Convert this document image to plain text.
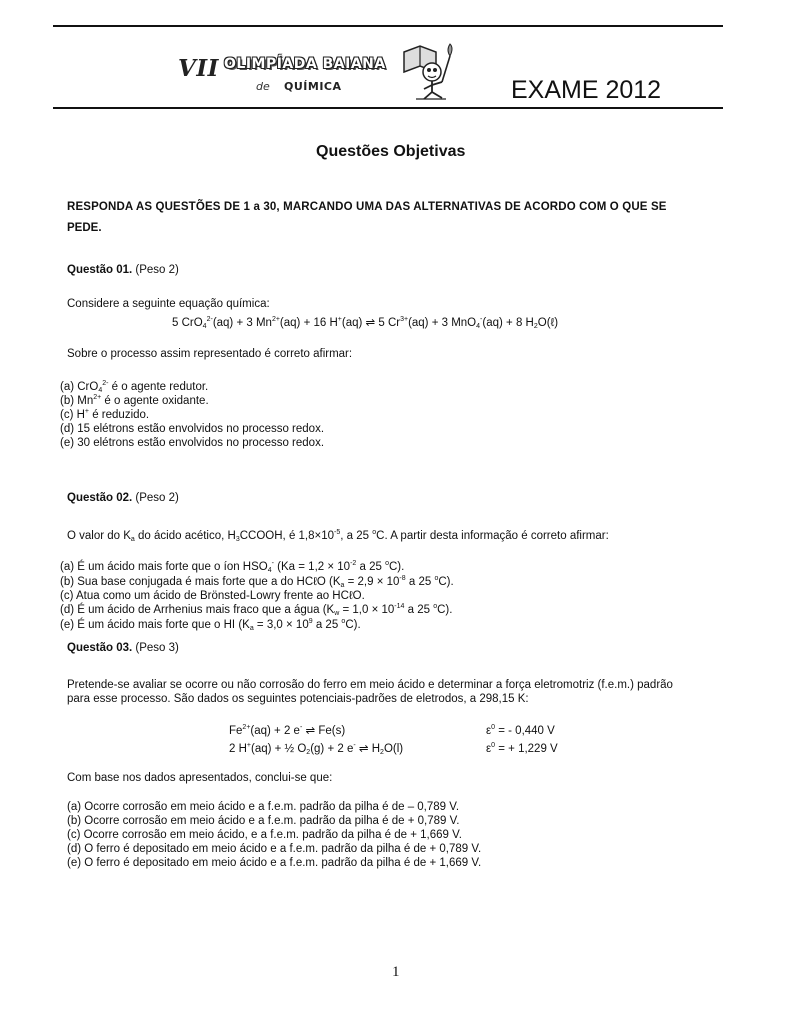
VII OLIMPÍADA BAIANA
de QUÍMICA	EXAME 2012
Questões Objetivas
RESPONDA AS QUESTÕES DE 1 a 30, MARCANDO UMA DAS ALTERNATIVAS DE ACORDO COM O QUE SE
PEDE.
Questão 01. (Peso 2)
Considere a seguinte equação química:
5 CrO$_4^{2-}$(aq) + 3 $Mn^{2+}(aq) + 16$ H+(aq) ⇌ 5 $Cr^{3+}(aq) + 3$ MnO$_4$-(aq) + 8 $H_2O(\ell)$
Sobre o processo assim representado é correto afirmar:
(a) CrO$_4^{2-}$ é o agente redutor.
(b) $Mn^{2+}$ é o agente oxidante.
(c) H+ é reduzido.
(d) 15 elétrons estão envolvidos no processo redox.
(e) 30 elétrons estão envolvidos no processo redox.
Questão 02. (Peso 2)
O valor do $K_a$ do ácido acético, $H_3CCOOH$, é $1,8\times 10^{-5}$, a 25 $^o$C. A partir desta informação é correto afirmar:
(a) É um ácido mais forte que o íon $HSO_4^-$ ($Ka = 1,2 \times 10^{-2}$ a 25 $^o$C).
(b) Sua base conjugada é mais forte que a do HCℓO ($K_a = 2,9 \times 10^{-8}$ a 25 $^o$C).
(c) Atua como um ácido de Brönsted-Lowry frente ao HCℓO.
(d) É um ácido de Arrhenius mais fraco que a água ($K_w = 1,0 \times 10^{-14}$ a 25 $^o$C).
(e) É um ácido mais forte que o HI ($K_a = 3,0 \times 10^9$ a 25 $^o$C).
Questão 03. (Peso 3)
Pretende-se avaliar se ocorre ou não corrosão do ferro em meio ácido e determinar a força eletromotriz (f.e.m.) padrão
para esse processo. São dados os seguintes potenciais-padrões de eletrodos, a 298,15 K:
$Fe^{2+}(aq) + 2$ e- ⇌ Fe(s)	$\varepsilon^0$ = - 0,440 V
2 H+(aq) + ½ $O_2(g) + 2$ e- ⇌ $H_2O(l)$	$\varepsilon^0$ = + 1,229 V
Com base nos dados apresentados, conclui-se que:
(a) Ocorre corrosão em meio ácido e a f.e.m. padrão da pilha é de – 0,789 V.
(b) Ocorre corrosão em meio ácido e a f.e.m. padrão da pilha é de + 0,789 V.
(c) Ocorre corrosão em meio ácido, e a f.e.m. padrão da pilha é de + 1,669 V.
(d) O ferro é depositado em meio ácido e a f.e.m. padrão da pilha é de + 0,789 V.
(e) O ferro é depositado em meio ácido e a f.e.m. padrão da pilha é de + 1,669 V.
1
